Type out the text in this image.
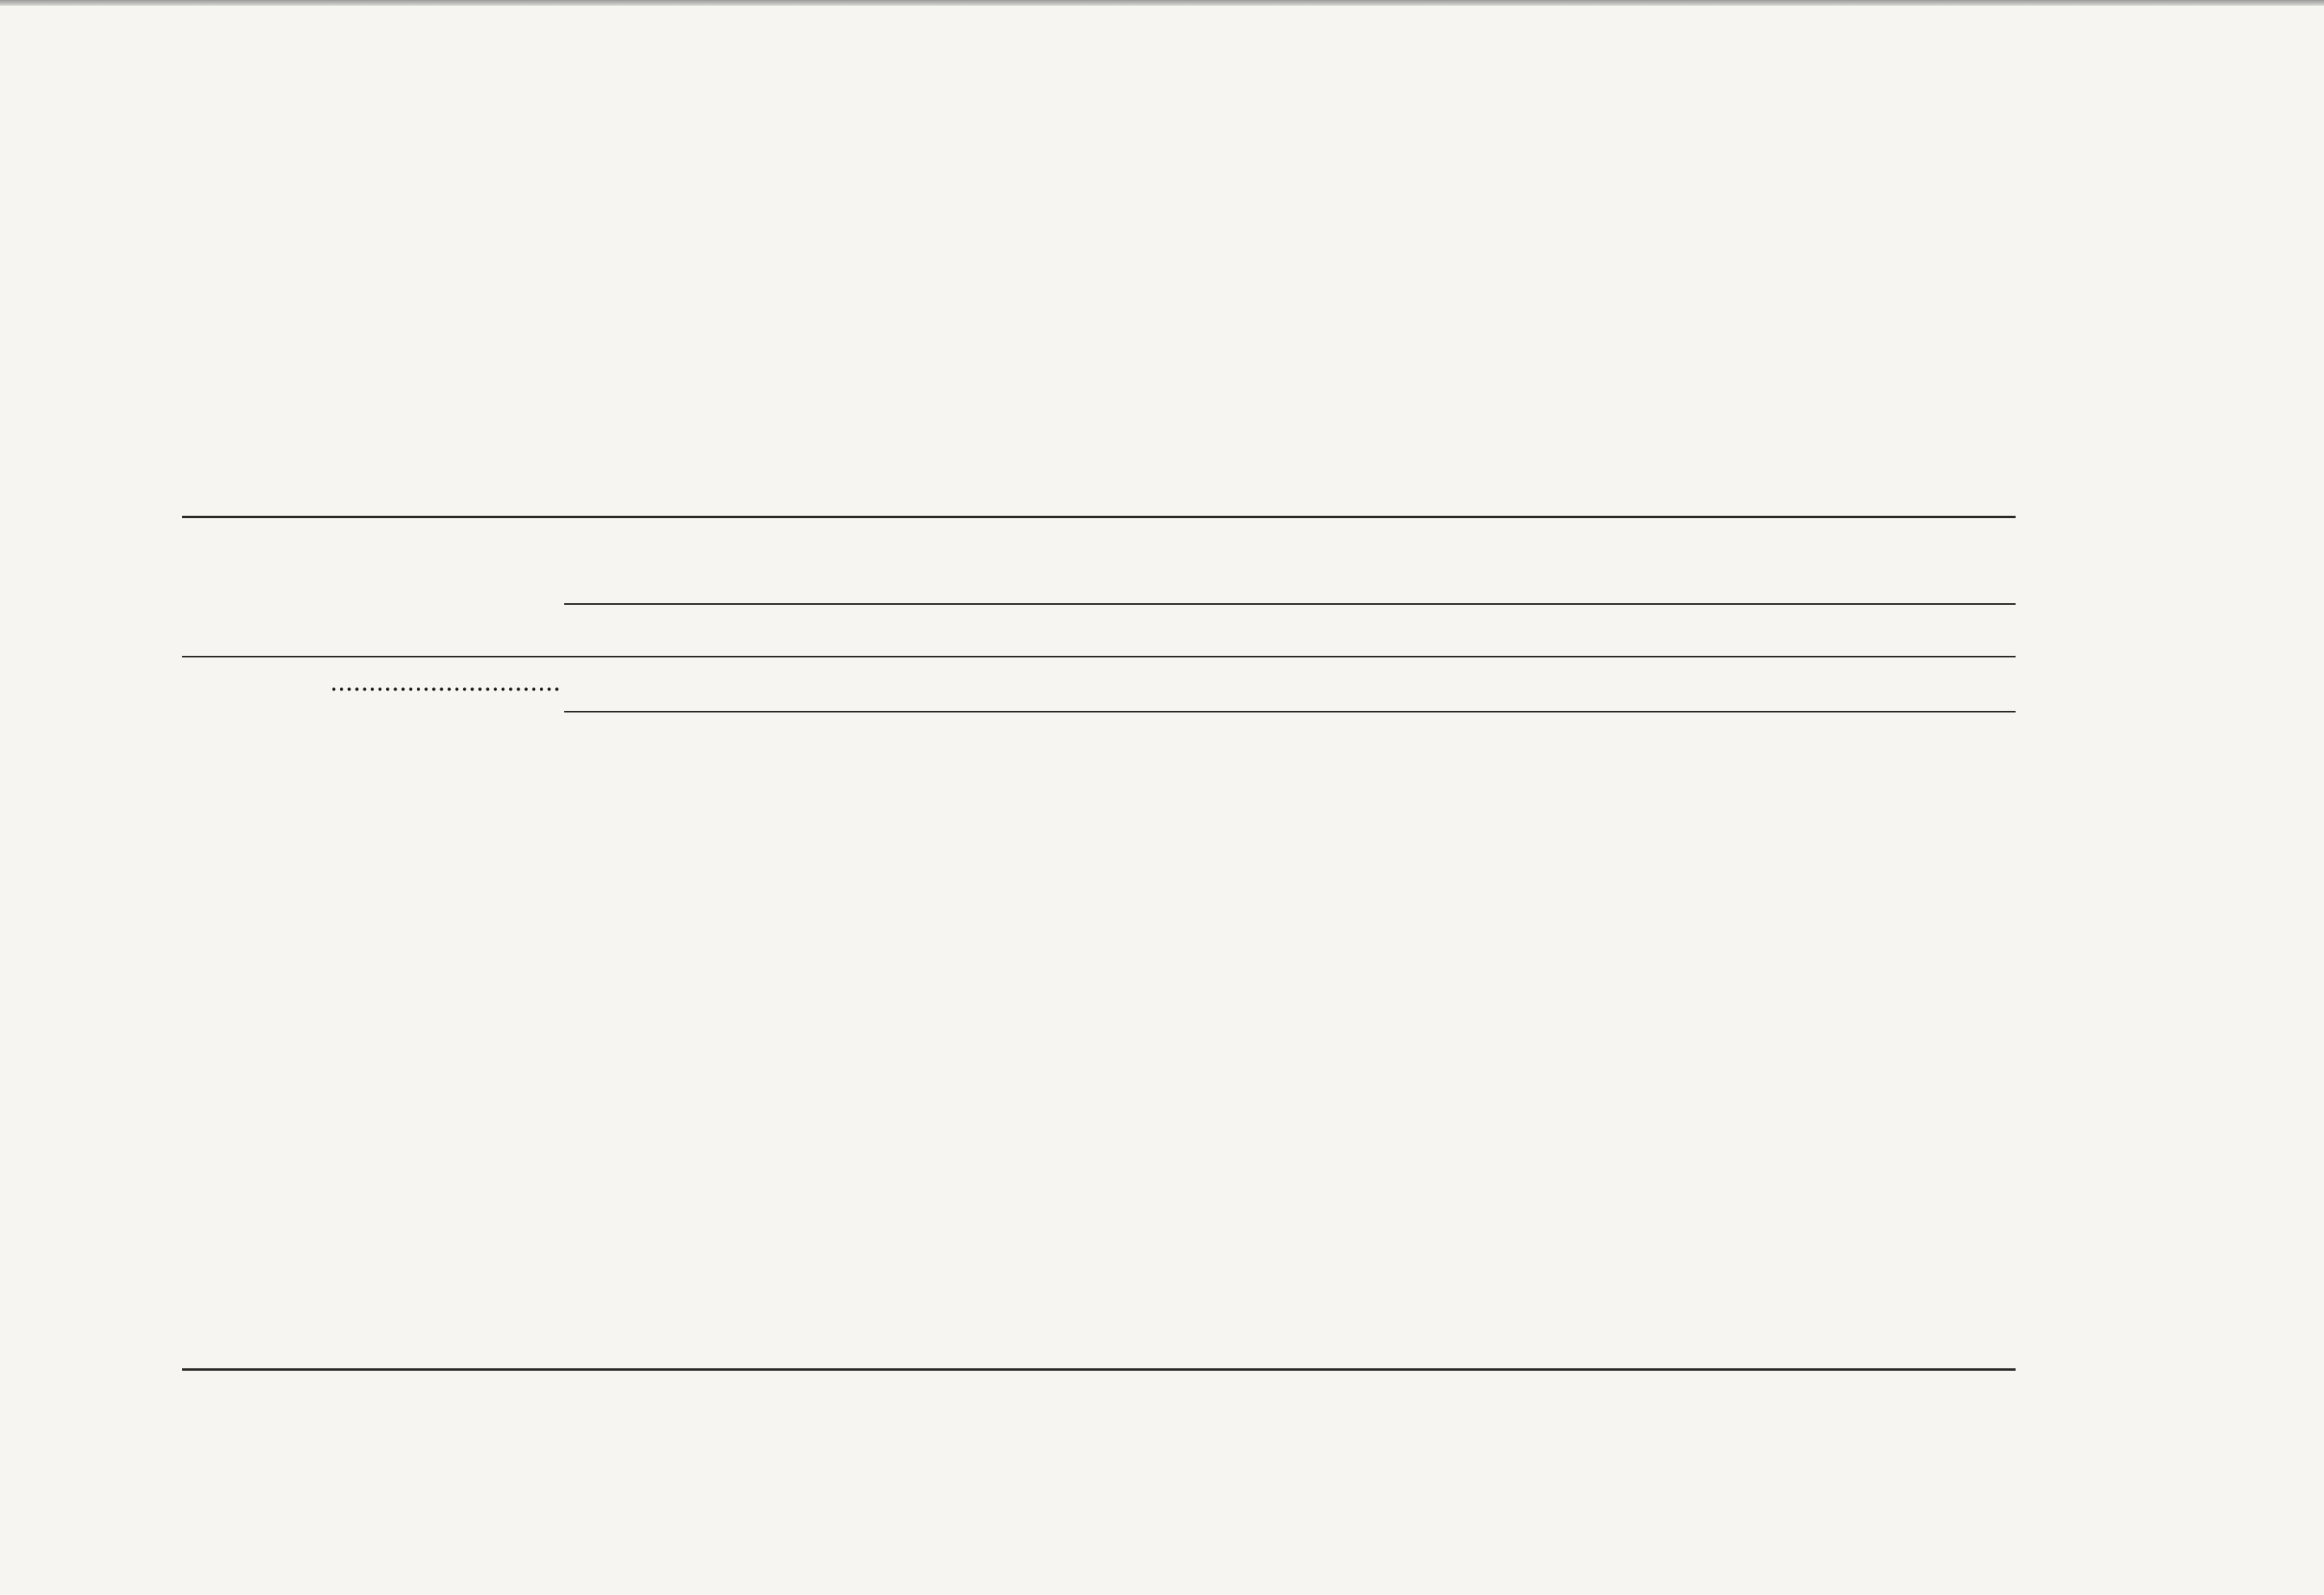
..............................
